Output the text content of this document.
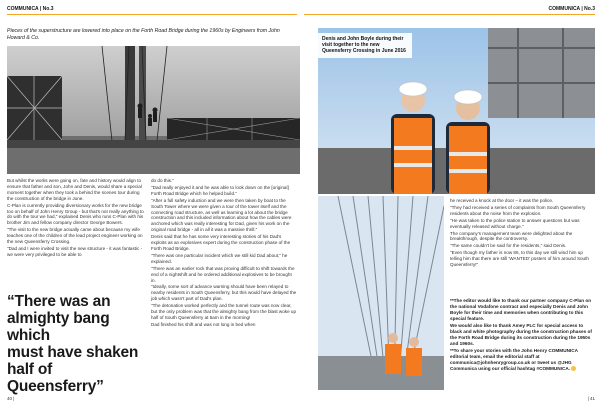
COMMUNICA | No.3	COMMUNICA | No.3
Pieces of the superstructure are lowered into place on the Forth Road Bridge during the 1960s by Engineers from John Howard & Co.

But whilst the works were going on, fate and history would align to ensure that father and son, John and Denis, would share a special moment together when they took a behind the scenes tour during the construction of the bridge in June.

C-Plan is currently providing diversionary works for the new bridge too on behalf of John Henry Group - but that's not really anything to do with the tour we had," explained Denis who runs C-Plan with his brother Jim and fellow company director George Bowers.

"The visit to the new bridge actually came about because my wife teaches one of the children of the lead project engineer working on the new Queensferry Crossing.

"Dad and I were invited to visit the new structure - it was fantastic - we were very privileged to be able to

“There was an
almighty bang which
must have shaken
half of Queensferry”

do do this."

"Dad really enjoyed it and he was able to look down on the [original] Forth Road Bridge which he helped build."

"After a full safety induction and we were then taken by boat to the South Tower where we were given a tour of the tower itself and the connecting road structure, as well as learning a lot about the bridge construction and this included information about how the cables were anchored which was really interesting for Dad, given his work on the original road bridge - all in all it was a massive thrill."

Denis said that he has some very interesting stories of his Dad's exploits as an explosives expert during the construction phase of the Forth Road Bridge.

"There was one particular incident which we still kid Dad about," he explained.

"There was an earlier rock that was proving difficult to shift towards the end of a nightshift and he ordered additional explosives to be brought in.

"Ideally, some sort of advance warning should have been relayed to nearby residents in South Queensferry, but this would have delayed the job which wasn't part of Dad's plan.

"The detonation worked perfectly and the tunnel route was now clear, but the only problem was that the almighty bang from the blast woke up half of South Queensferry at 5am in the morning!

Dad finished his shift and was not long in bed when

40 |
Denis and John Boyle during their visit together to the new Queensferry Crossing in June 2016

he received a knock at the door – it was the police.

"They had received a series of complaints from South Queensferry residents about the noise from the explosion.

"He was taken to the police station to answer questions but was eventually released without charge."

The company's management team were delighted about the breakthrough, despite the controversy.

"The same couldn't be said for the residents," said Denis.

"Even though my father is now 86, to this day we still wind him up telling him that there are still 'WANTED' posters of him around South Queensferry!"

**The editor would like to thank our partner company C-Plan on the national Vodafone contract and especially Denis and John Boyle for their time and memories when contributing to this special feature.

We would also like to thank Amey PLC for special access to black and white photography during the construction phases of the Forth Road Bridge during its construction during the 1950s and 1960s.

**To share your stories with the John Henry COMMUNICA editorial team, email the editorial staff at communica@johnhenrygroup.co.uk or tweet us @JHG Communica using our official hashtag #COMMUNICA.

| 41
